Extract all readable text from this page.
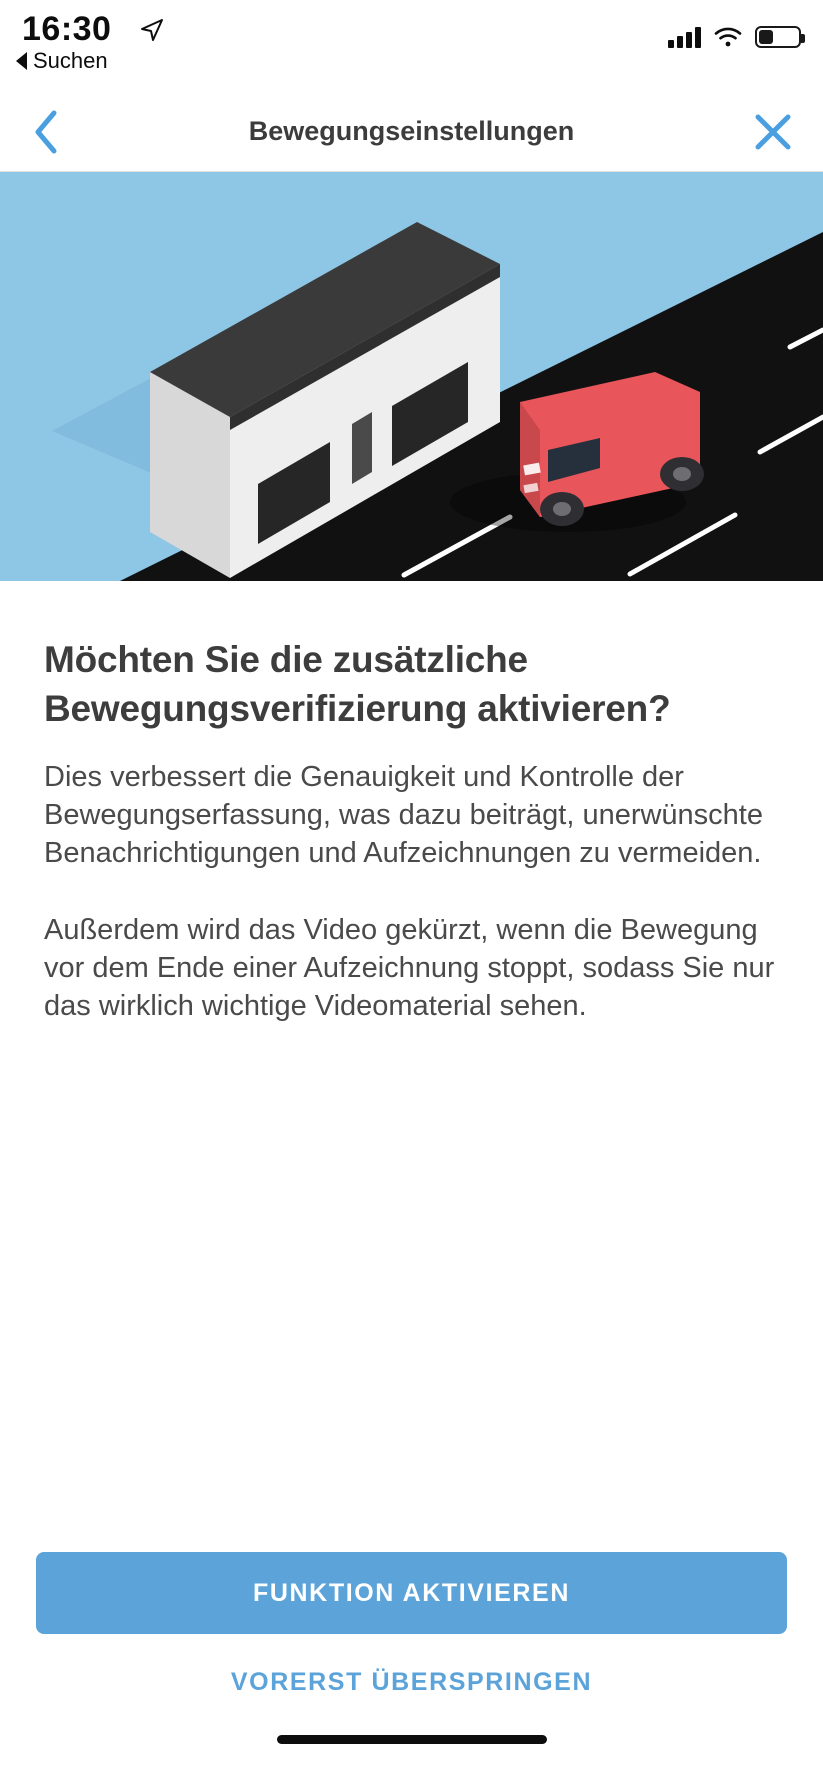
16:30
Suchen
Bewegungseinstellungen
Möchten Sie die zusätzliche Bewegungsverifizierung aktivieren?

Dies verbessert die Genauigkeit und Kontrolle der Bewegungserfassung, was dazu beiträgt, unerwünschte Benachrichtigungen und Aufzeichnungen zu vermeiden.

Außerdem wird das Video gekürzt, wenn die Bewegung vor dem Ende einer Aufzeichnung stoppt, sodass Sie nur das wirklich wichtige Videomaterial sehen.

FUNKTION AKTIVIEREN
VORERST ÜBERSPRINGEN
